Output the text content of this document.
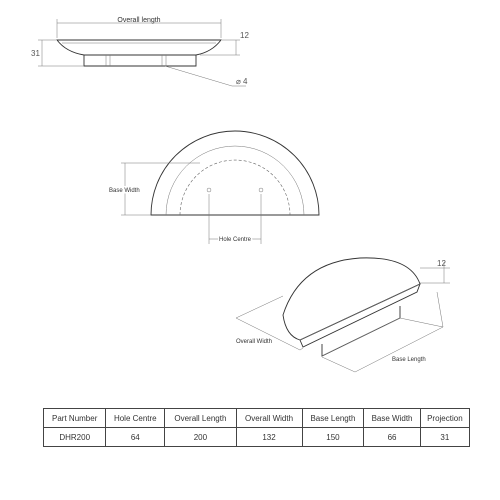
Overall length
12
31
⌀ 4
Hole Centre
Base Width
12
Overall Width
Base Length
Part Number	Hole Centre	Overall Length	Overall Width	Base Length	Base Width	Projection
DHR200	64	200	132	150	66	31
